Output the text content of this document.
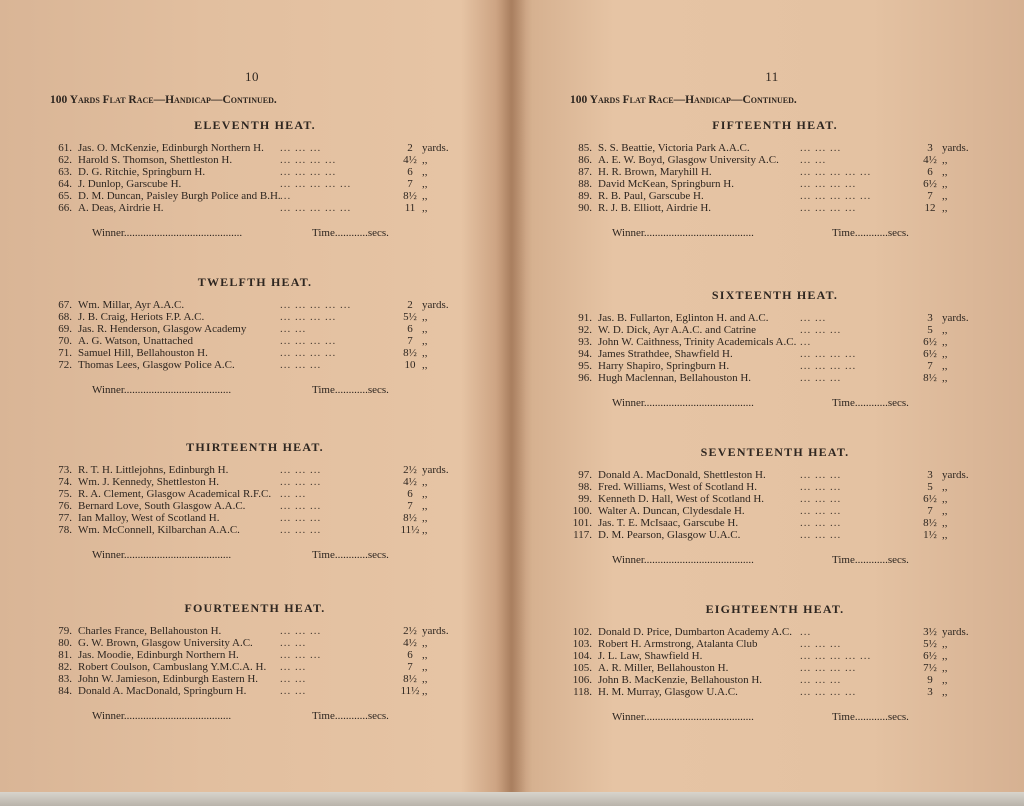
10
100 Yards Flat Race—Handicap—Continued.
ELEVENTH HEAT.
61. Jas. O. McKenzie, Edinburgh Northern H. ... ... ...	2 yards.
62. Harold S. Thomson, Shettleston H.	... ... ... ...	4½ ,,
63. D. G. Ritchie, Springburn H.	... ... ... ...	6 ,,
64. J. Dunlop, Garscube H.	... ... ... ... ...	7 ,,
65. D. M. Duncan, Paisley Burgh Police and B.H. ...	8½ ,,
66. A. Deas, Airdrie H.	... ... ... ... ...	11 ,,
Winner...........................................	Time............secs.
TWELFTH HEAT.
67. Wm. Millar, Ayr A.A.C.	... ... ... ... ...	2 yards.
68. J. B. Craig, Heriots F.P. A.C.	... ... ... ...	5½ ,,
69. Jas. R. Henderson, Glasgow Academy	... ...	6 ,,
70. A. G. Watson, Unattached	... ... ... ...	7 ,,
71. Samuel Hill, Bellahouston H.	... ... ... ...	8½ ,,
72. Thomas Lees, Glasgow Police A.C.	... ... ...	10 ,,
Winner.......................................	Time............secs.
THIRTEENTH HEAT.
73. R. T. H. Littlejohns, Edinburgh H.	... ... ...	2½ yards.
74. Wm. J. Kennedy, Shettleston H.	... ... ...	4½ ,,
75. R. A. Clement, Glasgow Academical R.F.C. ... ...	6 ,,
76. Bernard Love, South Glasgow A.A.C.	... ... ...	7 ,,
77. Ian Malloy, West of Scotland H.	... ... ...	8½ ,,
78. Wm. McConnell, Kilbarchan A.A.C.	... ... ...	11½ ,,
Winner.......................................	Time............secs.
FOURTEENTH HEAT.
79. Charles France, Bellahouston H.	... ... ...	2½ yards.
80. G. W. Brown, Glasgow University A.C. ... ...	4½ ,,
81. Jas. Moodie, Edinburgh Northern H.	... ... ...	6 ,,
82. Robert Coulson, Cambuslang Y.M.C.A. H. ... ...	7 ,,
83. John W. Jamieson, Edinburgh Eastern H. ... ...	8½ ,,
84. Donald A. MacDonald, Springburn H.	... ...	11½ ,,
Winner.......................................	Time............secs.
11
100 Yards Flat Race—Handicap—Continued.
FIFTEENTH HEAT.
85. S. S. Beattie, Victoria Park A.A.C.	... ... ...	3 yards.
86. A. E. W. Boyd, Glasgow University A.C. ... ...	4½ ,,
87. H. R. Brown, Maryhill H.	... ... ... ... ...	6 ,,
88. David McKean, Springburn H.	... ... ... ...	6½ ,,
89. R. B. Paul, Garscube H.	... ... ... ... ...	7 ,,
90. R. J. B. Elliott, Airdrie H.	... ... ... ...	12 ,,
Winner........................................	Time............secs.
SIXTEENTH HEAT.
91. Jas. B. Fullarton, Eglinton H. and A.C.	... ...	3 yards.
92. W. D. Dick, Ayr A.A.C. and Catrine	... ... ...	5 ,,
93. John W. Caithness, Trinity Academicals A.C. ...	6½ ,,
94. James Strathdee, Shawfield H.	... ... ... ...	6½ ,,
95. Harry Shapiro, Springburn H.	... ... ... ...	7 ,,
96. Hugh Maclennan, Bellahouston H.	... ... ...	8½ ,,
Winner........................................	Time............secs.
SEVENTEENTH HEAT.
97. Donald A. MacDonald, Shettleston H.	... ... ...	3 yards.
98. Fred. Williams, West of Scotland H.	... ... ...	5 ,,
99. Kenneth D. Hall, West of Scotland H.	... ... ...	6½ ,,
100. Walter A. Duncan, Clydesdale H.	... ... ...	7 ,,
101. Jas. T. E. McIsaac, Garscube H.	... ... ...	8½ ,,
117. D. M. Pearson, Glasgow U.A.C.	... ... ...	1½ ,,
Winner........................................	Time............secs.
EIGHTEENTH HEAT.
102. Donald D. Price, Dumbarton Academy A.C. ...	3½ yards.
103. Robert H. Armstrong, Atalanta Club	... ... ...	5½ ,,
104. J. L. Law, Shawfield H.	... ... ... ... ...	6½ ,,
105. A. R. Miller, Bellahouston H.	... ... ... ...	7½ ,,
106. John B. MacKenzie, Bellahouston H.	... ... ...	9 ,,
118. H. M. Murray, Glasgow U.A.C.	... ... ... ...	3 ,,
Winner........................................	Time............secs.
